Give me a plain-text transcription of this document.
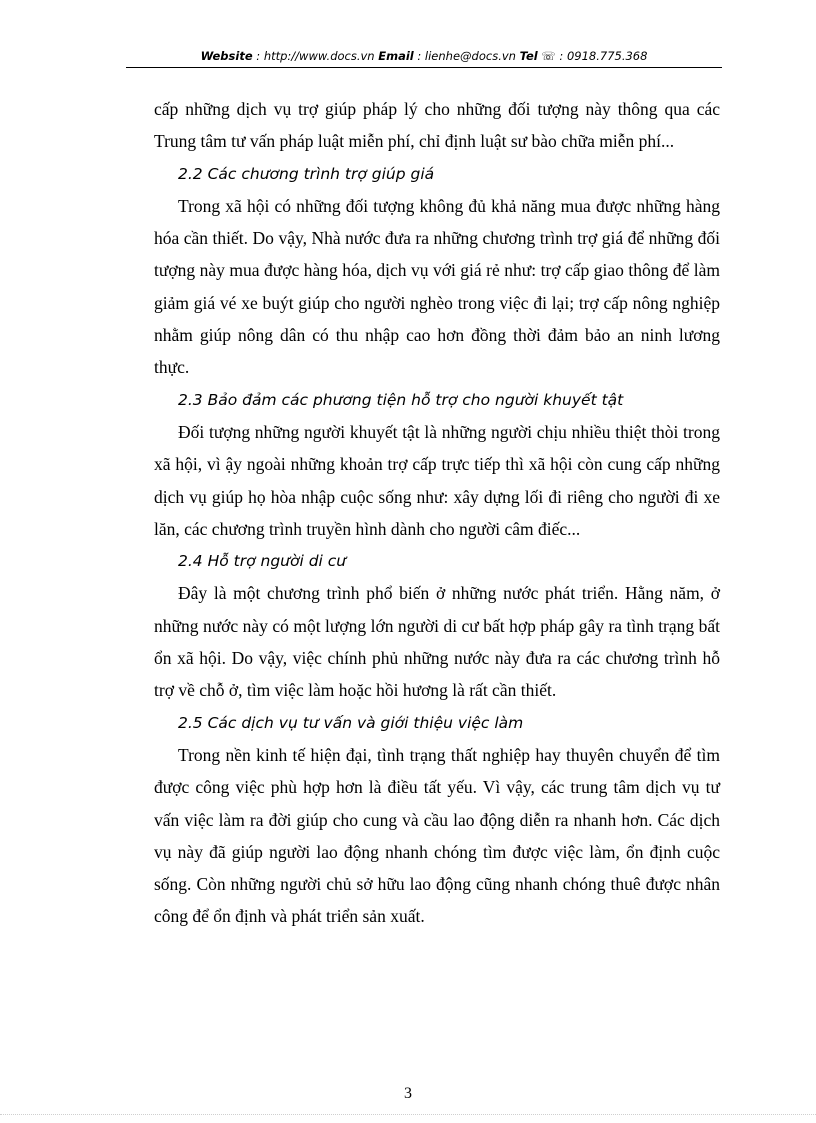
Website : http://www.docs.vn Email : lienhe@docs.vn Tel ☏ : 0918.775.368

cấp những dịch vụ trợ giúp pháp lý cho những đối tượng này thông qua các Trung tâm tư vấn pháp luật miễn phí, chỉ định luật sư bào chữa miễn phí...

2.2 Các chương trình trợ giúp giá

Trong xã hội có những đối tượng không đủ khả năng mua được những hàng hóa cần thiết. Do vậy, Nhà nước đưa ra những chương trình trợ giá để những đối tượng này mua được hàng hóa, dịch vụ với giá rẻ như: trợ cấp giao thông để làm giảm giá vé xe buýt giúp cho người nghèo trong việc đi lại; trợ cấp nông nghiệp nhằm giúp nông dân có thu nhập cao hơn đồng thời đảm bảo an ninh lương thực.

2.3 Bảo đảm các phương tiện hỗ trợ cho người khuyết tật

Đối tượng những người khuyết tật là những người chịu nhiều thiệt thòi trong xã hội, vì ậy ngoài những khoản trợ cấp trực tiếp thì xã hội còn cung cấp những dịch vụ giúp họ hòa nhập cuộc sống như: xây dựng lối đi riêng cho người đi xe lăn, các chương trình truyền hình dành cho người câm điếc...

2.4 Hỗ trợ người di cư

Đây là một chương trình phổ biến ở những nước phát triển. Hằng năm, ở những nước này có một lượng lớn người di cư bất hợp pháp gây ra tình trạng bất ổn xã hội. Do vậy, việc chính phủ những nước này đưa ra các chương trình hỗ trợ về chỗ ở, tìm việc làm hoặc hồi hương là rất cần thiết.

2.5 Các dịch vụ tư vấn và giới thiệu việc làm

Trong nền kinh tế hiện đại, tình trạng thất nghiệp hay thuyên chuyển để tìm được công việc phù hợp hơn là điều tất yếu. Vì vậy, các trung tâm dịch vụ tư vấn việc làm ra đời giúp cho cung và cầu lao động diễn ra nhanh hơn. Các dịch vụ này đã giúp người lao động nhanh chóng tìm được việc làm, ổn định cuộc sống. Còn những người chủ sở hữu lao động cũng nhanh chóng thuê được nhân công để ổn định và phát triển sản xuất.

3
